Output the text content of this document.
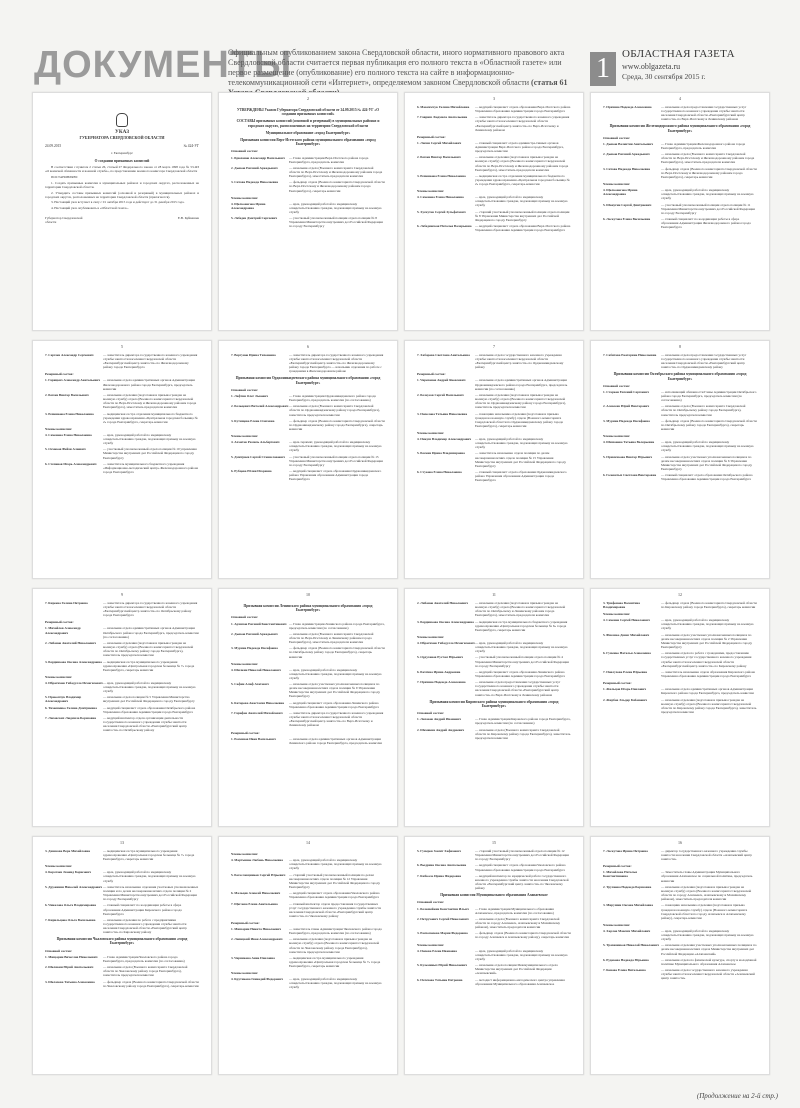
ДОКУМЕНТЫ
Официальным опубликованием закона Свердловской области, иного нормативного правового акта Свердловской области считается первая публикация его полного текста в «Областной газете» или первое размещение (опубликование) его полного текста на сайте в информационно-телекоммуникационной сети «Интернет», определяемом законом Свердловской области (статья 61	1	ОБЛАСТНАЯ ГАЗЕТА
www.oblgazeta.ru
Среда, 30 сентября 2015 г.
УКАЗ
ГУБЕРНАТОРА СВЕРДЛОВСКОЙ ОБЛАСТИ
24.09.2015	№ 424-УГ
г. Екатеринбург
О создании призывных комиссий
В соответствии с пунктом 2 статьи 26, статьей 27 Федерального закона от 28 марта 1998 года № 53-ФЗ «О воинской обязанности и военной службе», по представлению военного комиссара Свердловской области
ПОСТАНОВЛЯЮ:
1. Создать призывные комиссии в муниципальных районах и городских округах, расположенных на территории Свердловской области.
2. Утвердить составы призывных комиссий (основной и резервный) в муниципальных районах и городских округах, расположенных на территории Свердловской области (прилагаются).
3. Настоящий указ вступает в силу с 01 октября 2015 года и действует до 31 декабря 2015 года.
4. Настоящий указ опубликовать в «Областной газете».
Губернатор Свердловской области
Е.В. Куйвашев
2
УТВЕРЖДЕНЫ Указом Губернатора Свердловской области от 24.09.2015 № 424-УГ «О создании призывных комиссий»
СОСТАВЫ призывных комиссий (основной и резервный) в муниципальных районах и городских округах, расположенных на территории Свердловской области
Муниципальное образование «город Екатеринбург»
Призывная комиссия Верх-Исетского района муниципального образования «город Екатеринбург»
Основной состав:
1. Брюханов Александр Васильевич	— Глава Администрации Верх-Исетского района города Екатеринбурга, председатель комиссии
2. Дьяков Евгений Аркадьевич	— начальник отдела (Военного комиссариата Свердловской области по Верх-Исетскому и Железнодорожному районам города Екатеринбурга), заместитель председателя комиссии
3. Ситова Надежда Николаевна	— фельдшер отдела (Военного комиссариата Свердловской области по Верх-Исетскому и Железнодорожному районам города Екатеринбурга), секретарь комиссии
Члены комиссии:
4. Щелконогова Ирина Александровна
— врач, руководящий работой по медицинскому освидетельствованию граждан, подлежащих призыву на военную службу
5. Лебедев Дмитрий Сергеевич	— участковый уполномоченный полиции отдела полиции № 8 Управления Министерства внутренних дел Российской Федерации по городу Екатеринбургу
3
6. Максимчук Галина Михайловна	— ведущий специалист отдела образования Верх-Исетского района Управления образования Администрации города Екатеринбурга
7. Гавриш Людмила Анатольевна	— заместитель директора государственного казенного учреждения службы занятости населения Свердловской области «Екатеринбургский центр занятости» по Верх-Исетскому и Ленинскому районам
Резервный состав:
1. Лисин Сергей Михайлович	— главный специалист отдела администра-тивных органов Администрации Верх-Исетского района города Екатеринбурга, председатель комиссии
2. Бегеев Виктор Васильевич	— начальник отделения (подготовки и призыва граждан на военную службу) отдела (Военного комиссариата Свердловской области по Верх-Исетскому и Железнодорожному районам города Екатеринбурга), заместитель председателя комиссии
3. Решенкова Елена Николаевна	— медицинская сестра отделения муниципального бюджетного учреждения здравоохранения «Центральная городская больница № 2» города Екатеринбурга, секретарь комиссии
Члены комиссии:
4. Семенова Елена Николаевна	— врач, руководящий работой по медицинскому освидетельствованию граждан, подлежащих призыву на военную службу
5. Хуснутов Сергей Зульфатович	— старший участковый уполномоченный полиции отдела полиции № 8 Управления Министерства внутренних дел Российской Федерации по городу Екатеринбургу
6. Лебединская Наталья Валерьевна	— ведущий специалист отдела образования Верх-Исетского района Управления образования Администрации города Екатеринбурга
4
7. Пряхина Надежда Алексеевна	— начальник отдела предоставления государственных услуг государственного казенного учреждения службы занятости населения Свердловской области «Екатеринбургский центр занятости» по Верх-Исетскому и Ленинскому районам
Призывная комиссия Железнодорожного района муниципального образования «город Екатеринбург»
Основной состав:
1. Дьяков Валентин Анатольевич	— Глава Администрации Железнодорожного района города Екатеринбурга, председатель комиссии
2. Дьяков Евгений Аркадьевич	— начальник отдела (Военного комиссариата Свердловской области по Верх-Исетскому и Железнодорожному районам города Екатеринбурга), заместитель председателя комиссии
3. Ситова Надежда Николаевна	— фельдшер отдела (Военного комиссариата Свердловской области по Верх-Исетскому и Железнодорожному районам города Екатеринбурга), секретарь комиссии
Члены комиссии:
4. Щелконогова Ирина Александровна
— врач, руководящий работой по медицинскому освидетельствованию граждан, подлежащих призыву на военную службу
5. Шанугин Сергей Дмитриевич	— участковый уполномоченный полиции отдела полиции № 11 Управления Министерства внутренних дел Российской Федерации по городу Екатеринбургу
6. Лоскутова Елена Васильевна	— главный специалист по координации работы в сфере образования Администрации Железнодорожного района города Екатеринбурга
5
7. Сергеев Александр Сергеевич	— заместитель директора государственного казенного учреждения службы занятости населения Свердловской области «Екатеринбургский центр занятости» по Железнодорожному району города Екатеринбурга
Резервный состав:
1. Гаряцких Александр Анатольевич — начальник отдела административных органов Администрации Железнодорожного района города Екатеринбурга, председатель комиссии
2. Бегеев Виктор Васильевич	— начальник отделения (подготовки и призыва граждан на военную службу) отдела (Военного комиссариата Свердловской области по Верх-Исетскому и Железнодорожному районам города Екатеринбурга), заместитель председателя комиссии
3. Решенкова Елена Николаевна	— медицинская сестра отделения муниципального бюджетного учреждения здравоохранения «Центральная городская больница № 2» города Екатеринбурга, секретарь комиссии
Члены комиссии:
4. Семенова Елена Николаевна	— врач, руководящий работой по медицинскому освидетельствованию граждан, подлежащих призыву на военную службу
5. Осмаков Фейзи Алиевич	— участковый уполномоченный отдела полиции № 10 управления Министерства внутренних дел Российской Федерации по городу Екатеринбургу
6. Степанов Игорь Александрович	— заместитель муниципального бюджетного учреждения «Информационно-методический центр» Железнодорожного района города Екатеринбурга
6
7. Вергунов Ирина Тихоновна	— заместитель директора государственного казенного учреждения службы занятости населения Свердловской области «Екатеринбургский центр занятости» по Железнодорожному району города Екатеринбурга — начальник отделения по работе с гражданами в Железнодорожном районе
Призывная комиссия Орджоникидзевского района муниципального образования «город Екатеринбург»
Основной состав:
1. Лефтин Олег Львович	— Глава Администрации Орджоникидзевского района города Екатеринбурга, председатель комиссии (по согласованию)
2. Бельцевич Виталий Александрович — начальник отдела (Военного комиссариата Свердловской области по Орджоникидзевскому району города Екатеринбурга), заместитель председателя комиссии
3. Кутищева Елена Олеговна	— фельдшер отдела (Военного комиссариата Свердловской области по Орджоникидзевскому району города Екатеринбурга), секретарь комиссии
Члены комиссии:
4. Ахметов Рамиль Альбертович	— врач-терапевт, руководящий работой по медицинскому освидетельствованию граждан, подлежащих призыву на военную службу
5. Дмитриев Сергей Станиславович	— участковый уполномоченный полиции отдела полиции № 15 Управления Министерства внутренних дел Российской Федерации по городу Екатеринбургу
6. Рубцова Юлия Игоревна	— ведущий специалист отдела образования Орджоникидзевского района Управления образования Администрации города Екатеринбурга
7
7. Хабарова Светлана Анатольевна	— начальник отдела государственного казенного учреждения службы занятости населения Свердловской области «Екатеринбургский центр занятости» по Орджоникидзевскому району
Резервный состав:
1. Черепанов Андрей Яковлевич	— начальник отдела административных органов Администрации Орджоникидзевского района города Екатеринбурга, председатель комиссии (по согласованию)
2. Белоусов Сергей Васильевич	— начальник отделения (подготовки и призыва граждан на военную службу) отдела (Военного комиссариата Свердловской области по Орджоникидзевскому району города Екатеринбурга), заместитель председателя комиссии
3. Пополова Татьяна Николаевна	— помощник начальника отделения (подготовки и призыва граждан на военную службу) отдела (Военного комиссариата Свердловской области по Орджоникидзевскому району города Екатеринбурга), секретарь комиссии
Члены комиссии:
4. Пикуш Владимир Александрович	— врач, руководящий работой по медицинскому освидетельствованию граждан, подлежащих призыву на военную службу
5. Бескин Ирина Владимировна	— заместитель начальника отдела полиции по делам несовершеннолетних отдела полиции № 15 Управления Министерства внутренних дел Российской Федерации по городу Екатеринбургу
6. Стукова Елена Николаевна	— главный специалист отдела образования Орджоникидзевского района Управления образования Администрации города Екатеринбурга
8
7. Сабитова Екатерина Николаевна	— начальник отдела предоставления государственных услуг государственного казенного учреждения службы занятости населения Свердловской области «Екатеринбургский центр занятости» по Орджоникидзевскому району
Призывная комиссия Октябрьского района муниципального образования «город Екатеринбург»
Основной состав:
1. Старков Евгений Сергеевич	— исполняющий обязанности Главы Администрации Октябрьского района города Екатеринбурга, председатель комиссии (по согласованию)
2. Алексеев Юрий Викторович	— начальник отдела (Военного комиссариата Свердловской области по Октябрьскому району города Екатеринбурга), заместитель председателя комиссии
3. Мурина Надежда Иосифовна	— фельдшер отдела (Военного комиссариата Свердловской области по Октябрьскому району города Екатеринбурга), секретарь комиссии
Члены комиссии:
4. Шиманова Татьяна Валерьевна	— врач, руководящий работой по медицинскому освидетельствованию граждан, подлежащих призыву на военную службу
5. Примочкова Виктор Юрьевич	— начальник отдела участковых уполномоченных полиции и по делам несовершеннолетних отдела полиции № 6 Управления Министерства внутренних дел Российской Федерации по городу Екатеринбургу
6. Головатых Светлана Викторовна	— главный специалист отдела образования Октябрьского района Управления образования Администрации города Екатеринбурга
9
7. Киреева Галина Петровна	— заместитель директора государственного казенного учреждения службы занятости населения Свердловской области «Екатеринбургский центр занятости» по Октябрьскому району города Екатеринбурга
Резервный состав:
1. Михайлов Александр Александрович
— начальник отдела административных органов Администрации Октябрьского района города Екатеринбурга, председатель комиссии (по согласованию)
2. Либанов Анатолий Николаевич	— начальник отделения (подготовки и призыва граждан на военную службу) отдела (Военного комиссариата Свердловской области по Октябрьскому району города Екатеринбурга), заместитель председателя комиссии
3. Бердникова Оксана Александровна — медицинская сестра муниципального учреждения здравоохранения «Центральная городская больница № 7» города Екатеринбурга, секретарь комиссии
Члены комиссии:
4. Ибрагимов Гибадулла Исмагилович — врач, руководящий работой по медицинскому освидетельствованию граждан, подлежащих призыву на военную службу
5. Прокопчук Владимир Александрович
— начальник отдела полиции № 5 Управления Министерства внутренних дел Российской Федерации по городу Екатеринбургу
6. Тимошенко Галина Дмитриевна	— ведущий специалист отдела образования Октябрьского района Управления образования Администрации города Екатеринбурга
7. Лисовских Людмила Борисовна	— ведущий инспектор отдела организации деятельности государственного казенного учреждения службы занятости населения Свердловской области «Екатеринбургский центр занятости» по Октябрьскому району
10
Призывная комиссия Ленинского района муниципального образования «город Екатеринбург»
Основной состав:
1. Архипов Евгений Константинович — Глава Администрации Ленинского района города Екатеринбурга, председатель комиссии (по согласованию)
2. Дьяков Евгений Аркадьевич	— начальник отдела (Военного комиссариата Свердловской области по Верх-Исетскому и Ленинскому районам города Екатеринбурга), заместитель председателя комиссии
3. Мурина Надежда Иосифовна	— фельдшер отдела (Военного комиссариата Свердловской области по Октябрьскому району города Екатеринбурга), секретарь комиссии
Члены комиссии:
4. Шилкин Николай Николаевич	— врач, руководящий работой по медицинскому освидетельствованию граждан, подлежащих призыву на военную службу
5. Сафин Алиф Ахатович	— начальник отдела участковых уполномоченных полиции и по делам несовершеннолетних отдела полиции № 9 Управления Министерства внутренних дел Российской Федерации по городу Екатеринбургу
6. Катарова Анастасия Николаевна	— ведущий специалист отдела образования Ленинского района Управления образования Администрации города Екатеринбурга
7. Гарифов Анатолий Михайлович	— заместитель директора государственного казенного учреждения службы занятости населения Свердловской области «Екатеринбургский центр занятости» по Верх-Исетскому и Ленинскому районам
Резервный состав:
1. Роскинов Иван Васильевич	— начальник отдела административных органов Администрации Ленинского района города Екатеринбурга, председатель комиссии
11
2. Либанов Анатолий Николаевич	— начальник отделения (подготовки и призыва граждан на военную службу) отдела (Военного комиссариата Свердловской области по Октябрьскому и Ленинскому районам города Екатеринбурга), заместитель председателя комиссии
3. Бердникова Оксана Александровна — медицинская сестра муниципального бюджетного учреждения здравоохранения «Центральная городская больница № 6» города Екатеринбурга, секретарь комиссии
Члены комиссии:
4. Ибрагимов Гибадулла Исмагилович — врач, руководящий работой по медицинскому освидетельствованию граждан, подлежащих призыву на военную службу
5. Ордуханов Рустам Юрьевич	— участковый уполномоченный полиции отдела полиции № 4 Управления Министерства внутренних дел Российской Федерации по городу Екатеринбургу
6. Бахтина Ирина Андреевна	— ведущий специалист отдела образования Ленинского района Управления образования Администрации города Екатеринбурга
7. Пряхина Надежда Алексеевна	— начальник отдела предоставления государственных услуг государственного казенного учреждения службы занятости населения Свердловской области «Екатеринбургский центр занятости» по Верх-Исетскому и Ленинскому районам
Призывная комиссия Кировского района муниципального образования «город Екатеринбург»
Основной состав:
1. Лопаков Андрей Иванович	— Глава Администрации Кировского района города Екатеринбурга, председатель комиссии (по согласованию)
2. Шемякин Андрей Андреевич	— начальник отдела (Военного комиссариата Свердловской области по Кировскому району города Екатеринбурга), заместитель председателя комиссии
12
3. Трифонова Валентина Владимировна
— фельдшер отдела (Военного комиссариата Свердловской области по Кировскому району города Екатеринбурга), секретарь комиссии
Члены комиссии:
4. Семенов Сергей Николаевич	— врач, руководящий работой по медицинскому освидетельствованию граждан, подлежащих призыву на военную службу
5. Фисенко Денис Михайлович	— начальник отдела участковых уполномоченных полиции и по делам несовершеннолетних отдела полиции № 2 Управления Министерства внутренних дел Российской Федерации по городу Екатеринбургу
6. Гуменко Наталья Алексеевна	— начальник отдела по работе с гражданами, предоставлению государственных услуг государственного казенного учреждения службы занятости населения Свердловской области «Екатеринбургский центр занятости» по Кировскому району
7. Павлухова Елена Юрьевна	— заместитель начальника отдела образования Кировского района Управления образования Администрации города Екатеринбурга
Резервный состав:
1. Жильцов Игорь Павлович	— начальник отдела административных органов Администрации Кировского района города Екатеринбурга, председатель комиссии
2. Жирбов Эльдар Бабанович	— начальник отделения (подготовки и призыва граждан на военную службу) отдела (Военного комиссариата Свердловской области по Кировскому району города Екатеринбурга), заместитель председателя комиссии
13
3. Денисова Вера Михайловна	— медицинская сестра муниципального учреждения здравоохранения «Центральная городская больница № 7» города Екатеринбурга, секретарь комиссии
Члены комиссии:
4. Коротаев Леонид Борисович	— врач, руководящий работой по медицинскому освидетельствованию граждан, подлежащих призыву на военную службу
5. Дружинин Николай Александрович — заместитель начальника отделения участковых уполномоченных полиции и по делам несовершеннолетних отдела полиции № 2 Управления Министерства внутренних дел Российской Федерации по городу Екатеринбургу
6. Чикалова Ольга Владимировна	— главный специалист по координации работы в сфере образования Администрации Кировского района города Екатеринбурга
7. Кирильцова Ольга Васильевна	— начальник отделения по работе с предприятиями государственного казенного учреждения службы занятости населения Свердловской области «Екатеринбургский центр занятости» по Кировскому району
Призывная комиссия Чкаловского района муниципального образования «город Екатеринбург»
Основной состав:
1. Мищарин Вячеслав Николаевич	— Глава Администрации Чкаловского района города Екатеринбурга, председатель комиссии (по согласованию)
2. Шелякин Юрий Анатольевич	— начальник отдела (Военного комиссариата Свердловской области по Чкаловскому району города Екатеринбурга), заместитель председателя комиссии
3. Шелахова Татьяна Алексеевна	— фельдшер отдела (Военного комиссариата Свердловской области по Чкаловскому району города Екатеринбурга), секретарь комиссии
14
Члены комиссии:
4. Мартынюк Любовь Николаевна	— врач, руководящий работой по медицинскому освидетельствованию граждан, подлежащих призыву на военную службу
5. Богославцников Сергей Юрьевич	— старший участковый уполномоченный полиции по делам несовершеннолетних отдела полиции № 12 Управления Министерства внутренних дел Российской Федерации по городу Екатеринбургу
6. Мальцев Алексей Николаевич	— ведущий специалист отдела образования Чкаловского района Управления образования Администрации города Екатеринбурга
7. Щеглова Елена Анатольевна	— главный инспектор отдела предоставления государственных услуг государственного казенного учреждения службы занятости населения Свердловской области «Екатеринбургский центр занятости» по Чкаловскому району
Резервный состав:
1. Мишарин Никита Николаевич	— заместитель главы Администрации Чкаловского района города Екатеринбурга, председатель комиссии (по согласованию)
2. Лапицкий Иван Александрович	— начальник отделения (подготовки и призыва граждан на военную службу) отдела (Военного комиссариата Свердловской области по Чкаловскому району города Екатеринбурга), заместитель председателя комиссии
3. Черникова Анна Павловна	— медицинская сестра муниципального учреждения здравоохранения «Центральная городская больница № 7» города Екатеринбурга, секретарь комиссии
Члены комиссии:
4. Крутикова Геннадий Федорович	— врач, руководящий работой по медицинскому освидетельствованию граждан, подлежащих призыву на военную службу
15
5. Гумеров Хамит Хафизович	— старший участковый уполномоченный отдела полиции № 12 Управления Министерства внутренних дел Российской Федерации по городу Екатеринбургу
6. Выдрина Оксана Анатольевна	— ведущий специалист отдела образования Чкаловского района Управления образования Администрации города Екатеринбурга
7. Кибкало Ирина Федоровна	— ведущий инспектор по юридической работе государственного казенного учреждения службы занятости населения Свердловской области «Екатеринбургский центр занятости» по Чкаловскому району
Призывная комиссия Муниципального образования Алапаевское
Основной состав:
1. Белошейкин Константин Ильич	— Глава Администрации Муниципального образования Алапаевское, председатель комиссии (по согласованию)
2. Петрухович Сергей Николаевич	— начальник отдела (Военного комиссариата Свердловской области по городу Алапаевск, Алапаевскому и Махнёвскому районам), заместитель председателя комиссии
3. Распопопова Мария Федоровна	— фельдшер отдела (Военного комиссариата Свердловской области по городу Алапаевск и Алапаевскому району), секретарь комиссии
Члены комиссии:
4. Попова Елена Ивановна	— врач, руководящий работой по медицинскому освидетельствованию граждан, подлежащих призыву на военную службу
5. Кузьминых Юрий Николаевич	— начальник отдела полиции Межмуниципального отдела Министерства внутренних дел Российской Федерации «Алапаевский»
6. Потехова Татьяна Петровна	— методист информационно-методического центра управления образования Муниципального образования Алапаевское
16
7. Лоскутова Ирина Петровна	— директор государственного казенного учреждения службы занятости населения Свердловской области «Алапаевский центр занятости»
Резервный состав:
1. Михайлова Наталья Константиновна
— Заместитель главы Администрации Муниципального образования Алапаевское по социальной политике, председатель комиссии
2. Трупнова Надежда Борисовна	— начальник отделения (подготовки и призыва граждан на военную службу) отдела (Военного комиссариата Свердловской области по городу Алапаевск, Алапаевскому и Махнёвскому районам), заместитель председателя комиссии
3. Мирушин Оксана Михайловна	— помощник начальника отделения (подготовки и призыва граждан на военную службу) отдела (Военного комиссариата Свердловской области по городу Алапаевск и Алапаевскому району), секретарь комиссии
Члены комиссии:
4. Харлов Максим Михайлович	— врач, руководящий работой по медицинскому освидетельствованию граждан, подлежащих призыву на военную службу
5. Трапезников Николай Николаевич — начальник отделения участковых уполномоченных полиции и по делам несовершеннолетних отдела Министерства внутренних дел Российской Федерации «Алапаевский»
6. Рудакова Надежда Юрьевна	— начальник отдела по физической культуре, спорту и молодёжной политике Муниципального образования Алапаевское
7. Конова Елена Витальевна	— начальник отдела государственного казенного учреждения службы занятости населения Свердловской области «Алапаевский центр занятости»
(Продолжение на 2-й стр.)
